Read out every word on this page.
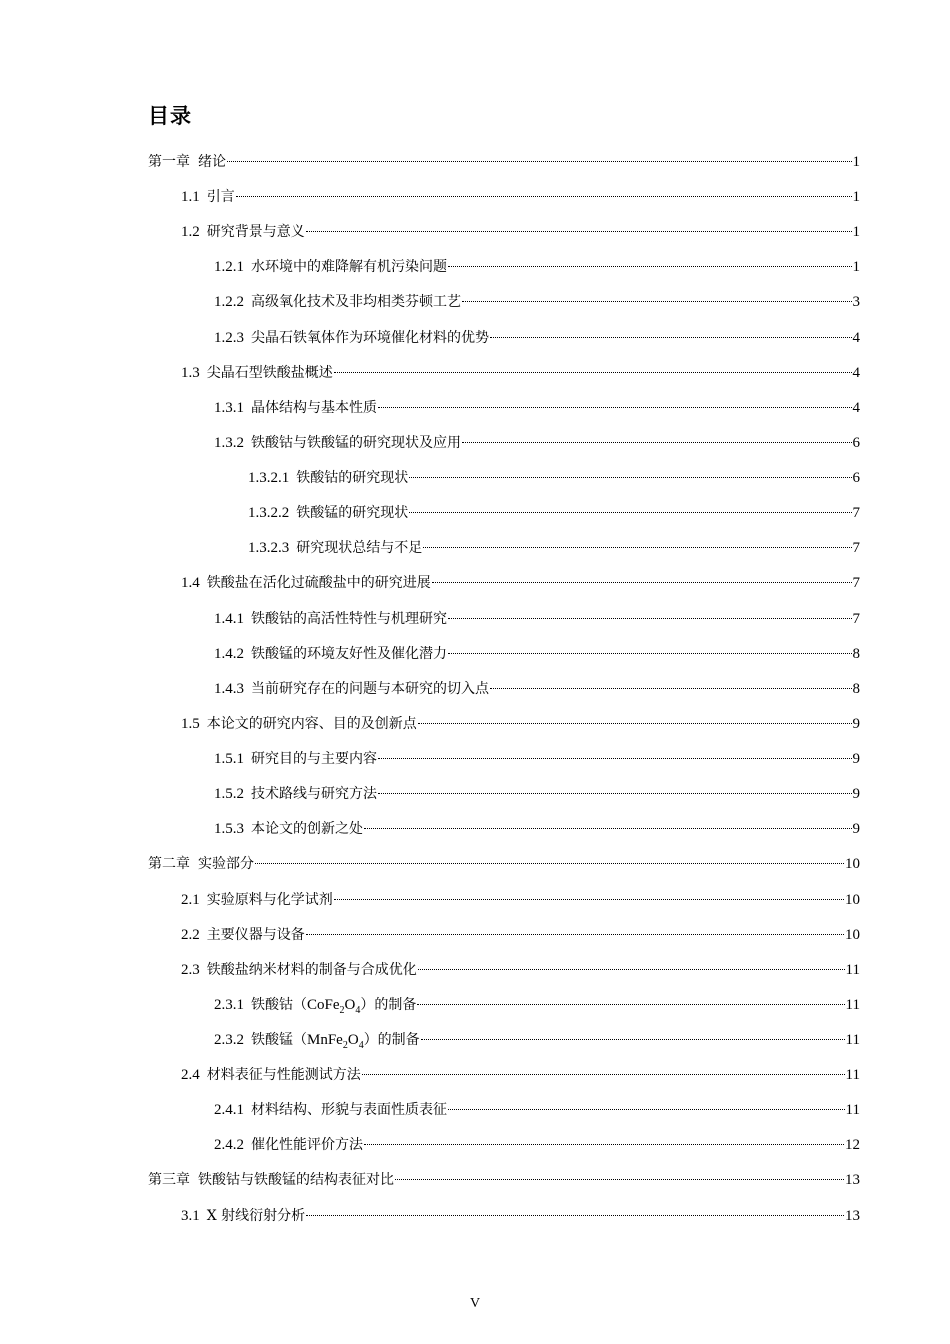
目录
第一章 绪论	1
1.1 引言	1
1.2 研究背景与意义	1
1.2.1 水环境中的难降解有机污染问题	1
1.2.2 高级氧化技术及非均相类芬顿工艺	3
1.2.3 尖晶石铁氧体作为环境催化材料的优势	4
1.3 尖晶石型铁酸盐概述	4
1.3.1 晶体结构与基本性质	4
1.3.2 铁酸钴与铁酸锰的研究现状及应用	6
1.3.2.1 铁酸钴的研究现状	6
1.3.2.2 铁酸锰的研究现状	7
1.3.2.3 研究现状总结与不足	7
1.4 铁酸盐在活化过硫酸盐中的研究进展	7
1.4.1 铁酸钴的高活性特性与机理研究	7
1.4.2 铁酸锰的环境友好性及催化潜力	8
1.4.3 当前研究存在的问题与本研究的切入点	8
1.5 本论文的研究内容、目的及创新点	9
1.5.1 研究目的与主要内容	9
1.5.2 技术路线与研究方法	9
1.5.3 本论文的创新之处	9
第二章 实验部分	10
2.1 实验原料与化学试剂	10
2.2 主要仪器与设备	10
2.3 铁酸盐纳米材料的制备与合成优化	11
2.3.1 铁酸钴$(CoFe_2O_4)$的制备	11
2.3.2 铁酸锰$(MnFe_2O_4)$的制备	11
2.4 材料表征与性能测试方法	11
2.4.1 材料结构、形貌与表面性质表征	11
2.4.2 催化性能评价方法	12
第三章 铁酸钴与铁酸锰的结构表征对比	13
3.1 X 射线衍射分析	13
V
